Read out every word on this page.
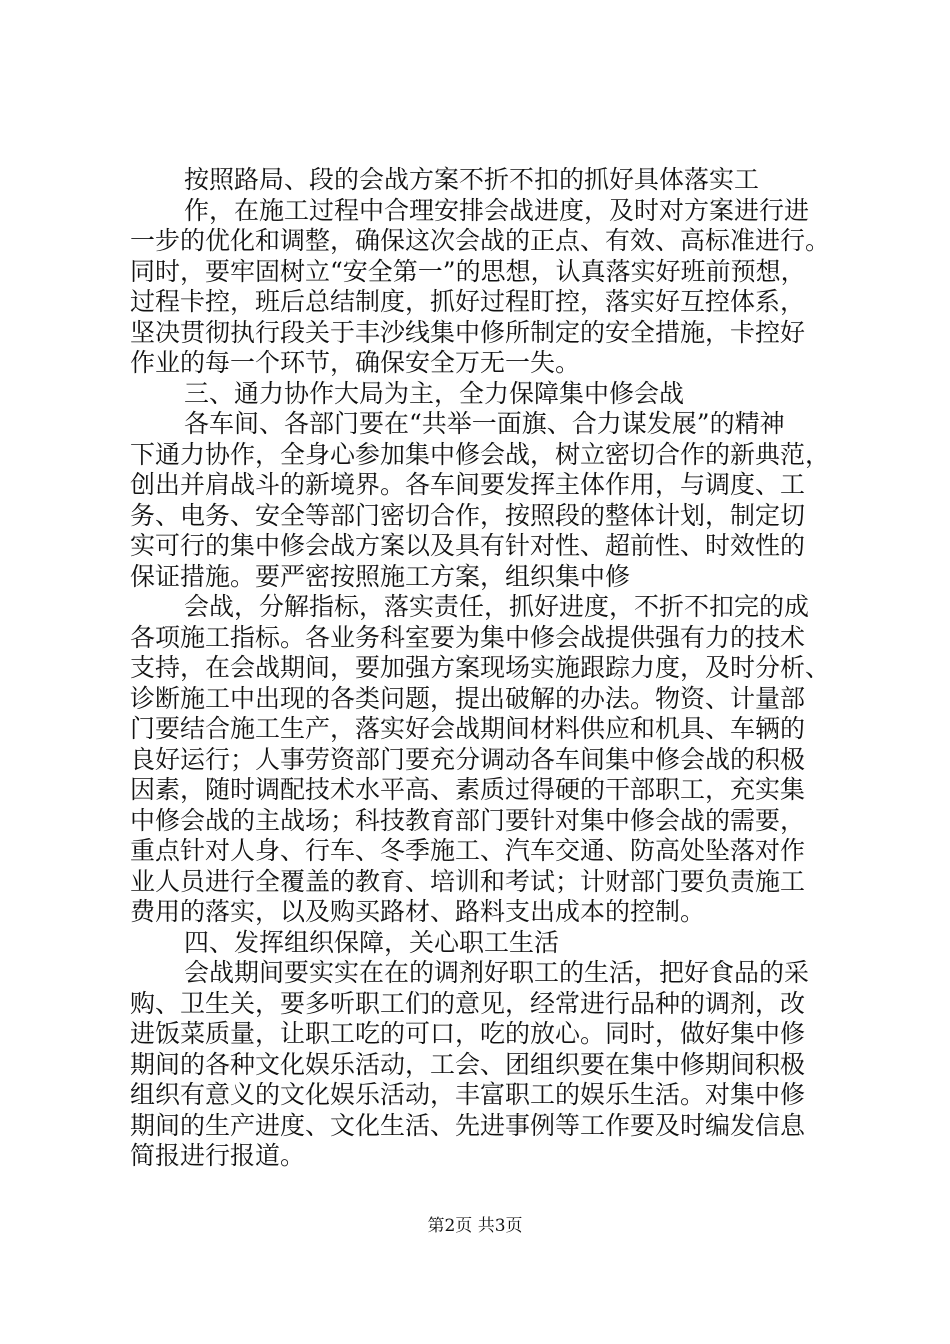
按照路局、段的会战方案不折不扣的抓好具体落实工
作，在施工过程中合理安排会战进度，及时对方案进行进
一步的优化和调整，确保这次会战的正点、有效、高标准进行。
同时，要牢固树立“安全第一”的思想，认真落实好班前预想，
过程卡控，班后总结制度，抓好过程盯控，落实好互控体系，
坚决贯彻执行段关于丰沙线集中修所制定的安全措施，卡控好
作业的每一个环节，确保安全万无一失。
三、通力协作大局为主，全力保障集中修会战
各车间、各部门要在“共举一面旗、合力谋发展”的精神
下通力协作，全身心参加集中修会战，树立密切合作的新典范，
创出并肩战斗的新境界。各车间要发挥主体作用，与调度、工
务、电务、安全等部门密切合作，按照段的整体计划，制定切
实可行的集中修会战方案以及具有针对性、超前性、时效性的
保证措施。要严密按照施工方案，组织集中修
会战，分解指标，落实责任，抓好进度，不折不扣完的成
各项施工指标。各业务科室要为集中修会战提供强有力的技术
支持，在会战期间，要加强方案现场实施跟踪力度，及时分析、
诊断施工中出现的各类问题，提出破解的办法。物资、计量部
门要结合施工生产，落实好会战期间材料供应和机具、车辆的
良好运行；人事劳资部门要充分调动各车间集中修会战的积极
因素，随时调配技术水平高、素质过得硬的干部职工，充实集
中修会战的主战场；科技教育部门要针对集中修会战的需要，
重点针对人身、行车、冬季施工、汽车交通、防高处坠落对作
业人员进行全覆盖的教育、培训和考试；计财部门要负责施工
费用的落实，以及购买路材、路料支出成本的控制。
四、发挥组织保障，关心职工生活
会战期间要实实在在的调剂好职工的生活，把好食品的采
购、卫生关，要多听职工们的意见，经常进行品种的调剂，改
进饭菜质量，让职工吃的可口，吃的放心。同时，做好集中修
期间的各种文化娱乐活动，工会、团组织要在集中修期间积极
组织有意义的文化娱乐活动，丰富职工的娱乐生活。对集中修
期间的生产进度、文化生活、先进事例等工作要及时编发信息
简报进行报道。
第2页 共3页
